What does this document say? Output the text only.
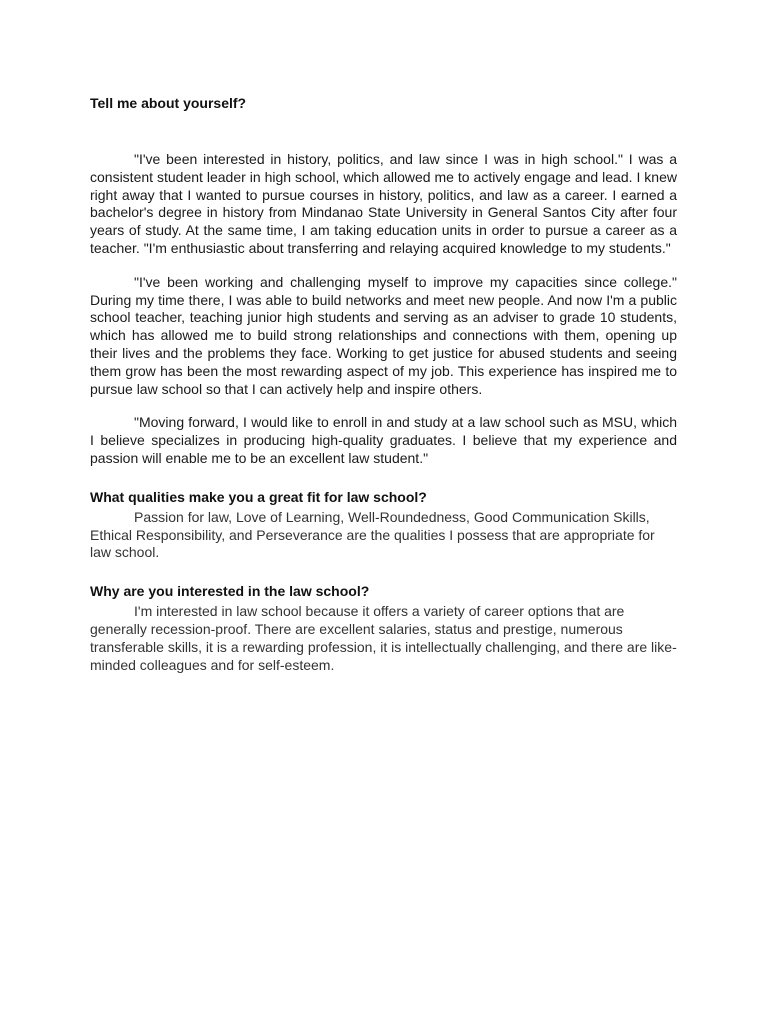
Tell me about yourself?

"I've been interested in history, politics, and law since I was in high school." I was a consistent student leader in high school, which allowed me to actively engage and lead. I knew right away that I wanted to pursue courses in history, politics, and law as a career. I earned a bachelor's degree in history from Mindanao State University in General Santos City after four years of study. At the same time, I am taking education units in order to pursue a career as a teacher. "I'm enthusiastic about transferring and relaying acquired knowledge to my students."

"I've been working and challenging myself to improve my capacities since college." During my time there, I was able to build networks and meet new people. And now I'm a public school teacher, teaching junior high students and serving as an adviser to grade 10 students, which has allowed me to build strong relationships and connections with them, opening up their lives and the problems they face. Working to get justice for abused students and seeing them grow has been the most rewarding aspect of my job. This experience has inspired me to pursue law school so that I can actively help and inspire others.

"Moving forward, I would like to enroll in and study at a law school such as MSU, which I believe specializes in producing high-quality graduates. I believe that my experience and passion will enable me to be an excellent law student."

What qualities make you a great fit for law school?

Passion for law, Love of Learning, Well-Roundedness, Good Communication Skills, Ethical Responsibility, and Perseverance are the qualities I possess that are appropriate for law school.

Why are you interested in the law school?

I'm interested in law school because it offers a variety of career options that are generally recession-proof. There are excellent salaries, status and prestige, numerous transferable skills, it is a rewarding profession, it is intellectually challenging, and there are like-minded colleagues and for self-esteem.
